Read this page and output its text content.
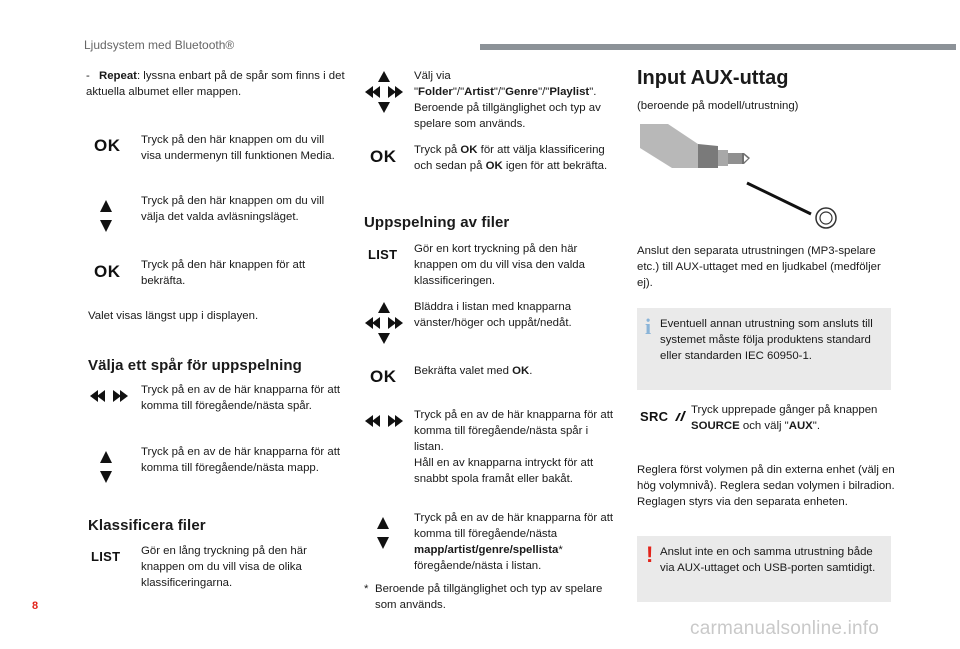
Ljudsystem med Bluetooth®
- Repeat: lyssna enbart på de spår som finns i det aktuella albumet eller mappen.
OK Tryck på den här knappen om du vill visa undermenyn till funktionen Media.
Tryck på den här knappen om du vill välja det valda avläsningsläget.
OK Tryck på den här knappen för att bekräfta.
Valet visas längst upp i displayen.
Välja ett spår för uppspelning
Tryck på en av de här knapparna för att komma till föregående/nästa spår.
Tryck på en av de här knapparna för att komma till föregående/nästa mapp.
Klassificera filer
LIST Gör en lång tryckning på den här knappen om du vill visa de olika klassificeringarna.
Välj via "Folder"/"Artist"/"Genre"/"Playlist".
Beroende på tillgänglighet och typ av spelare som används.
OK Tryck på OK för att välja klassificering och sedan på OK igen för att bekräfta.
Uppspelning av filer
LIST Gör en kort tryckning på den här knappen om du vill visa den valda klassificeringen.
Bläddra i listan med knapparna vänster/höger och uppåt/nedåt.
OK Bekräfta valet med OK.
Tryck på en av de här knapparna för att komma till föregående/nästa spår i listan.
Håll en av knapparna intryckt för att snabbt spola framåt eller bakåt.
Tryck på en av de här knapparna för att komma till föregående/nästa mapp/artist/genre/spellista* föregående/nästa i listan.
* Beroende på tillgänglighet och typ av spelare som används.
Input AUX-uttag
(beroende på modell/utrustning)
Anslut den separata utrustningen (MP3-spelare etc.) till AUX-uttaget med en ljudkabel (medföljer ej).
i Eventuell annan utrustning som ansluts till systemet måste följa produktens standard eller standarden IEC 60950-1.
SRC	Tryck upprepade gånger på knappen SOURCE och välj "AUX".
Reglera först volymen på din externa enhet (välj en hög volymnivå). Reglera sedan volymen i bilradion. Reglagen styrs via den separata enheten.
! Anslut inte en och samma utrustning både via AUX-uttaget och USB-porten samtidigt.
8
carmanualsonline.info
